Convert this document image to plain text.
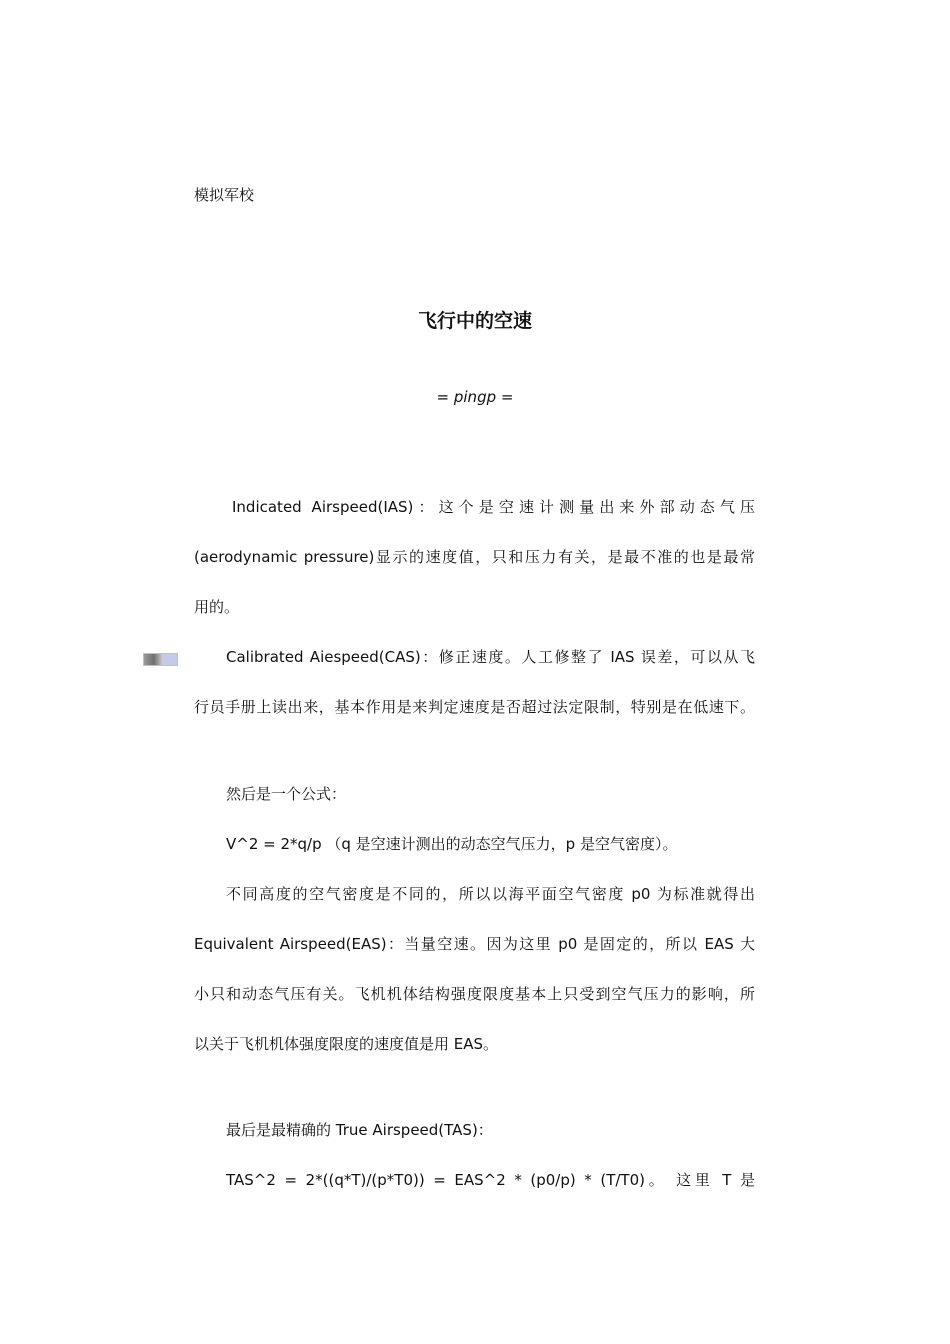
模拟军校
飞行中的空速
= pingp =
Indicated Airspeed(IAS)：这个是空速计测量出来外部动态气压
(aerodynamic pressure)显示的速度值，只和压力有关，是最不准的也是最常
用的。
Calibrated Aiespeed(CAS)：修正速度。人工修整了 IAS 误差，可以从飞
行员手册上读出来，基本作用是来判定速度是否超过法定限制，特别是在低速下。
然后是一个公式：
V^2 = 2*q/p （q 是空速计测出的动态空气压力，p 是空气密度）。
不同高度的空气密度是不同的，所以以海平面空气密度 p0 为标准就得出
Equivalent Airspeed(EAS)：当量空速。因为这里 p0 是固定的，所以 EAS 大
小只和动态气压有关。飞机机体结构强度限度基本上只受到空气压力的影响，所
以关于飞机机体强度限度的速度值是用 EAS。
最后是最精确的 True Airspeed(TAS)：
TAS^2 = 2*((q*T)/(p*T0)) = EAS^2 * (p0/p) * (T/T0)。 这里 T 是
